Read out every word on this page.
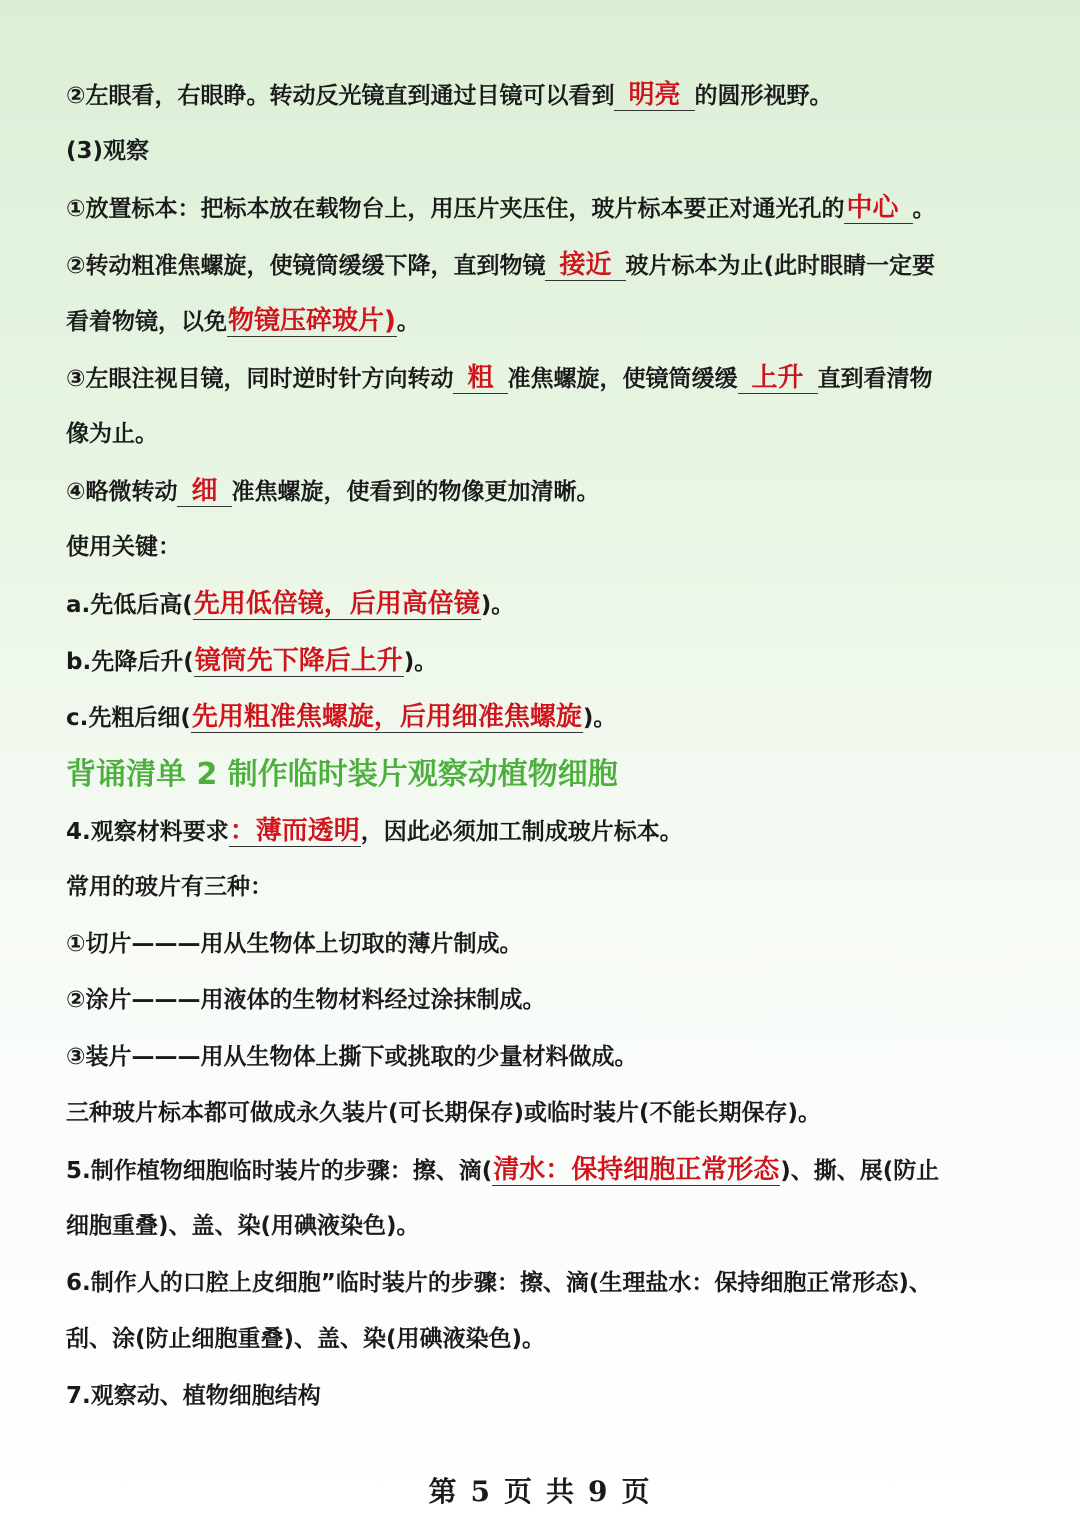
②左眼看，右眼睁。转动反光镜直到通过目镜可以看到 明亮 的圆形视野。
(3)观察
①放置标本：把标本放在载物台上，用压片夹压住，玻片标本要正对通光孔的中心 。
②转动粗准焦螺旋，使镜筒缓缓下降，直到物镜 接近 玻片标本为止(此时眼睛一定要
看着物镜，以免物镜压碎玻片)。
③左眼注视目镜，同时逆时针方向转动 粗 准焦螺旋，使镜筒缓缓 上升 直到看清物
像为止。
④略微转动 细 准焦螺旋，使看到的物像更加清晰。
使用关键：
a.先低后高(先用低倍镜，后用高倍镜)。
b.先降后升(镜筒先下降后上升)。
c.先粗后细(先用粗准焦螺旋，后用细准焦螺旋)。
背诵清单 2 制作临时装片观察动植物细胞
4.观察材料要求：薄而透明，因此必须加工制成玻片标本。
常用的玻片有三种：
①切片———用从生物体上切取的薄片制成。
②涂片———用液体的生物材料经过涂抹制成。
③装片———用从生物体上撕下或挑取的少量材料做成。
三种玻片标本都可做成永久装片(可长期保存)或临时装片(不能长期保存)。
5.制作植物细胞临时装片的步骤：擦、滴(清水：保持细胞正常形态)、撕、展(防止
细胞重叠)、盖、染(用碘液染色)。
6.制作人的口腔上皮细胞”临时装片的步骤：擦、滴(生理盐水：保持细胞正常形态)、
刮、涂(防止细胞重叠)、盖、染(用碘液染色)。
7.观察动、植物细胞结构
第 5 页 共 9 页
